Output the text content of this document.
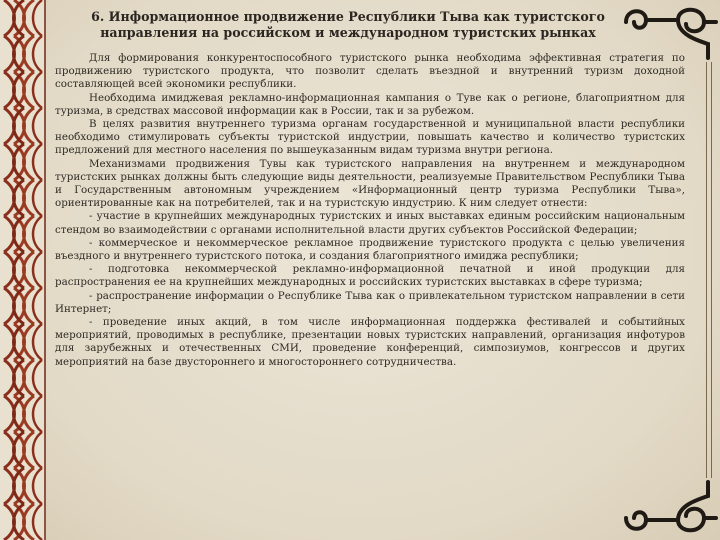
6. Информационное продвижение Республики Тыва как туристского направления на российском и международном туристских рынках

Для формирования конкурентоспособного туристского рынка необходима эффективная стратегия по продвижению туристского продукта, что позволит сделать въездной и внутренний туризм доходной составляющей всей экономики республики.

Необходима имиджевая рекламно-информационная кампания о Туве как о регионе, благоприятном для туризма, в средствах массовой информации как в России, так и за рубежом.

В целях развития внутреннего туризма органам государственной и муниципальной власти республики необходимо стимулировать субъекты туристской индустрии, повышать качество и количество туристских предложений для местного населения по вышеуказанным видам туризма внутри региона.

Механизмами продвижения Тувы как туристского направления на внутреннем и международном туристских рынках должны быть следующие виды деятельности, реализуемые Правительством Республики Тыва и Государственным автономным учреждением «Информационный центр туризма Республики Тыва», ориентированные как на потребителей, так и на туристскую индустрию. К ним следует отнести:

- участие в крупнейших международных туристских и иных выставках единым российским национальным стендом во взаимодействии с органами исполнительной власти других субъектов Российской Федерации;

- коммерческое и некоммерческое рекламное продвижение туристского продукта с целью увеличения въездного и внутреннего туристского потока, и создания благоприятного имиджа республики;

- подготовка некоммерческой рекламно-информационной печатной и иной продукции для распространения ее на крупнейших международных и российских туристских выставках в сфере туризма;

- распространение информации о Республике Тыва как о привлекательном туристском направлении в сети Интернет;

- проведение иных акций, в том числе информационная поддержка фестивалей и событийных мероприятий, проводимых в республике, презентации новых туристских направлений, организация инфотуров для зарубежных и отечественных СМИ, проведение конференций, симпозиумов, конгрессов и других мероприятий на базе двустороннего и многостороннего сотрудничества.
